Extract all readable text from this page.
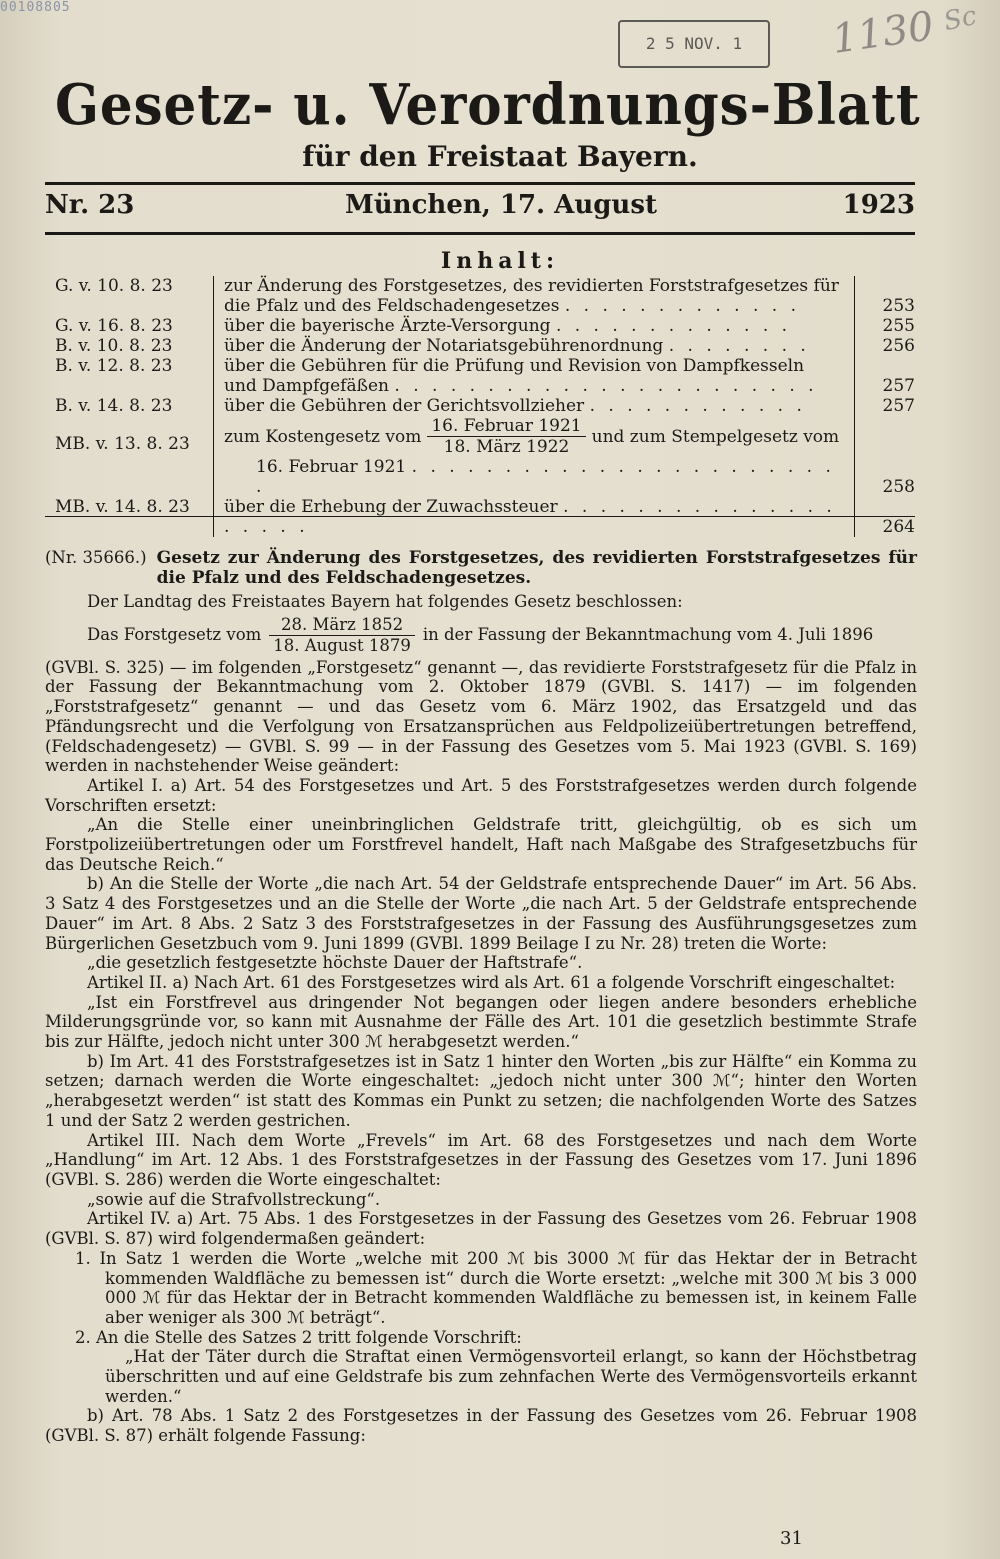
00108805
2 5 NOV. 1	1130 Sc
Gesetz- u. Verordnungs-Blatt
für den Freistaat Bayern.
Nr. 23	München, 17. August	1923
Inhalt:
G. v. 10. 8. 23	zur Änderung des Forstgesetzes, des revidierten Forststrafgesetzes für
die Pfalz und des Feldschadengesetzes . . . . . . . . . . . . .	253
G. v. 16. 8. 23	über die bayerische Ärzte-Versorgung . . . . . . . . . . . . .	255
B. v. 10. 8. 23	über die Änderung der Notariatsgebührenordnung . . . . . . . .	256
B. v. 12. 8. 23	über die Gebühren für die Prüfung und Revision von Dampfkesseln
und Dampfgefäßen . . . . . . . . . . . . . . . . . . . . . . .	257
B. v. 14. 8. 23	über die Gebühren der Gerichtsvollzieher . . . . . . . . . . . .	257
MB. v. 13. 8. 23	zum Kostengesetz vom $\frac{\text{16. Februar 1921}}{\text{18. März 1922}}$ und zum Stempelgesetz vom
16. Februar 1921 . . . . . . . . . . . . . . . . . . . . . . . .	258
MB. v. 14. 8. 23	über die Erhebung der Zuwachssteuer . . . . . . . . . . . . . . . . . . . .	264
(Nr. 35666.) Gesetz zur Änderung des Forstgesetzes, des revidierten Forststrafgesetzes für die Pfalz und des Feldschadengesetzes.

Der Landtag des Freistaates Bayern hat folgendes Gesetz beschlossen:

Das Forstgesetz vom $\frac{\text{28. März 1852}}{\text{18. August 1879}}$ in der Fassung der Bekanntmachung vom 4. Juli 1896

(GVBl. S. 325) — im folgenden „Forstgesetz“ genannt —, das revidierte Forststrafgesetz für die Pfalz in der Fassung der Bekanntmachung vom 2. Oktober 1879 (GVBl. S. 1417) — im folgenden „Forststrafgesetz“ genannt — und das Gesetz vom 6. März 1902, das Ersatzgeld und das Pfändungsrecht und die Verfolgung von Ersatzansprüchen aus Feldpolizeiübertretungen betreffend, (Feldschadengesetz) — GVBl. S. 99 — in der Fassung des Gesetzes vom 5. Mai 1923 (GVBl. S. 169) werden in nachstehender Weise geändert:

Artikel I. a) Art. 54 des Forstgesetzes und Art. 5 des Forststrafgesetzes werden durch folgende Vorschriften ersetzt:

„An die Stelle einer uneinbringlichen Geldstrafe tritt, gleichgültig, ob es sich um Forstpolizeiübertretungen oder um Forstfrevel handelt, Haft nach Maßgabe des Strafgesetzbuchs für das Deutsche Reich.“

b) An die Stelle der Worte „die nach Art. 54 der Geldstrafe entsprechende Dauer“ im Art. 56 Abs. 3 Satz 4 des Forstgesetzes und an die Stelle der Worte „die nach Art. 5 der Geldstrafe entsprechende Dauer“ im Art. 8 Abs. 2 Satz 3 des Forststrafgesetzes in der Fassung des Ausführungsgesetzes zum Bürgerlichen Gesetzbuch vom 9. Juni 1899 (GVBl. 1899 Beilage I zu Nr. 28) treten die Worte:

„die gesetzlich festgesetzte höchste Dauer der Haftstrafe“.

Artikel II. a) Nach Art. 61 des Forstgesetzes wird als Art. 61 a folgende Vorschrift eingeschaltet:

„Ist ein Forstfrevel aus dringender Not begangen oder liegen andere besonders erhebliche Milderungsgründe vor, so kann mit Ausnahme der Fälle des Art. 101 die gesetzlich bestimmte Strafe bis zur Hälfte, jedoch nicht unter 300 ℳ herabgesetzt werden.“

b) Im Art. 41 des Forststrafgesetzes ist in Satz 1 hinter den Worten „bis zur Hälfte“ ein Komma zu setzen; darnach werden die Worte eingeschaltet: „jedoch nicht unter 300 ℳ“; hinter den Worten „herabgesetzt werden“ ist statt des Kommas ein Punkt zu setzen; die nachfolgenden Worte des Satzes 1 und der Satz 2 werden gestrichen.

Artikel III. Nach dem Worte „Frevels“ im Art. 68 des Forstgesetzes und nach dem Worte „Handlung“ im Art. 12 Abs. 1 des Forststrafgesetzes in der Fassung des Gesetzes vom 17. Juni 1896 (GVBl. S. 286) werden die Worte eingeschaltet:

„sowie auf die Strafvollstreckung“.

Artikel IV. a) Art. 75 Abs. 1 des Forstgesetzes in der Fassung des Gesetzes vom 26. Februar 1908 (GVBl. S. 87) wird folgendermaßen geändert:

1. In Satz 1 werden die Worte „welche mit 200 ℳ bis 3000 ℳ für das Hektar der in Betracht kommenden Waldfläche zu bemessen ist“ durch die Worte ersetzt: „welche mit 300 ℳ bis 3 000 000 ℳ für das Hektar der in Betracht kommenden Waldfläche zu bemessen ist, in keinem Falle aber weniger als 300 ℳ beträgt“.

2. An die Stelle des Satzes 2 tritt folgende Vorschrift:

„Hat der Täter durch die Straftat einen Vermögensvorteil erlangt, so kann der Höchstbetrag überschritten und auf eine Geldstrafe bis zum zehnfachen Werte des Vermögensvorteils erkannt werden.“

b) Art. 78 Abs. 1 Satz 2 des Forstgesetzes in der Fassung des Gesetzes vom 26. Februar 1908 (GVBl. S. 87) erhält folgende Fassung:

31
